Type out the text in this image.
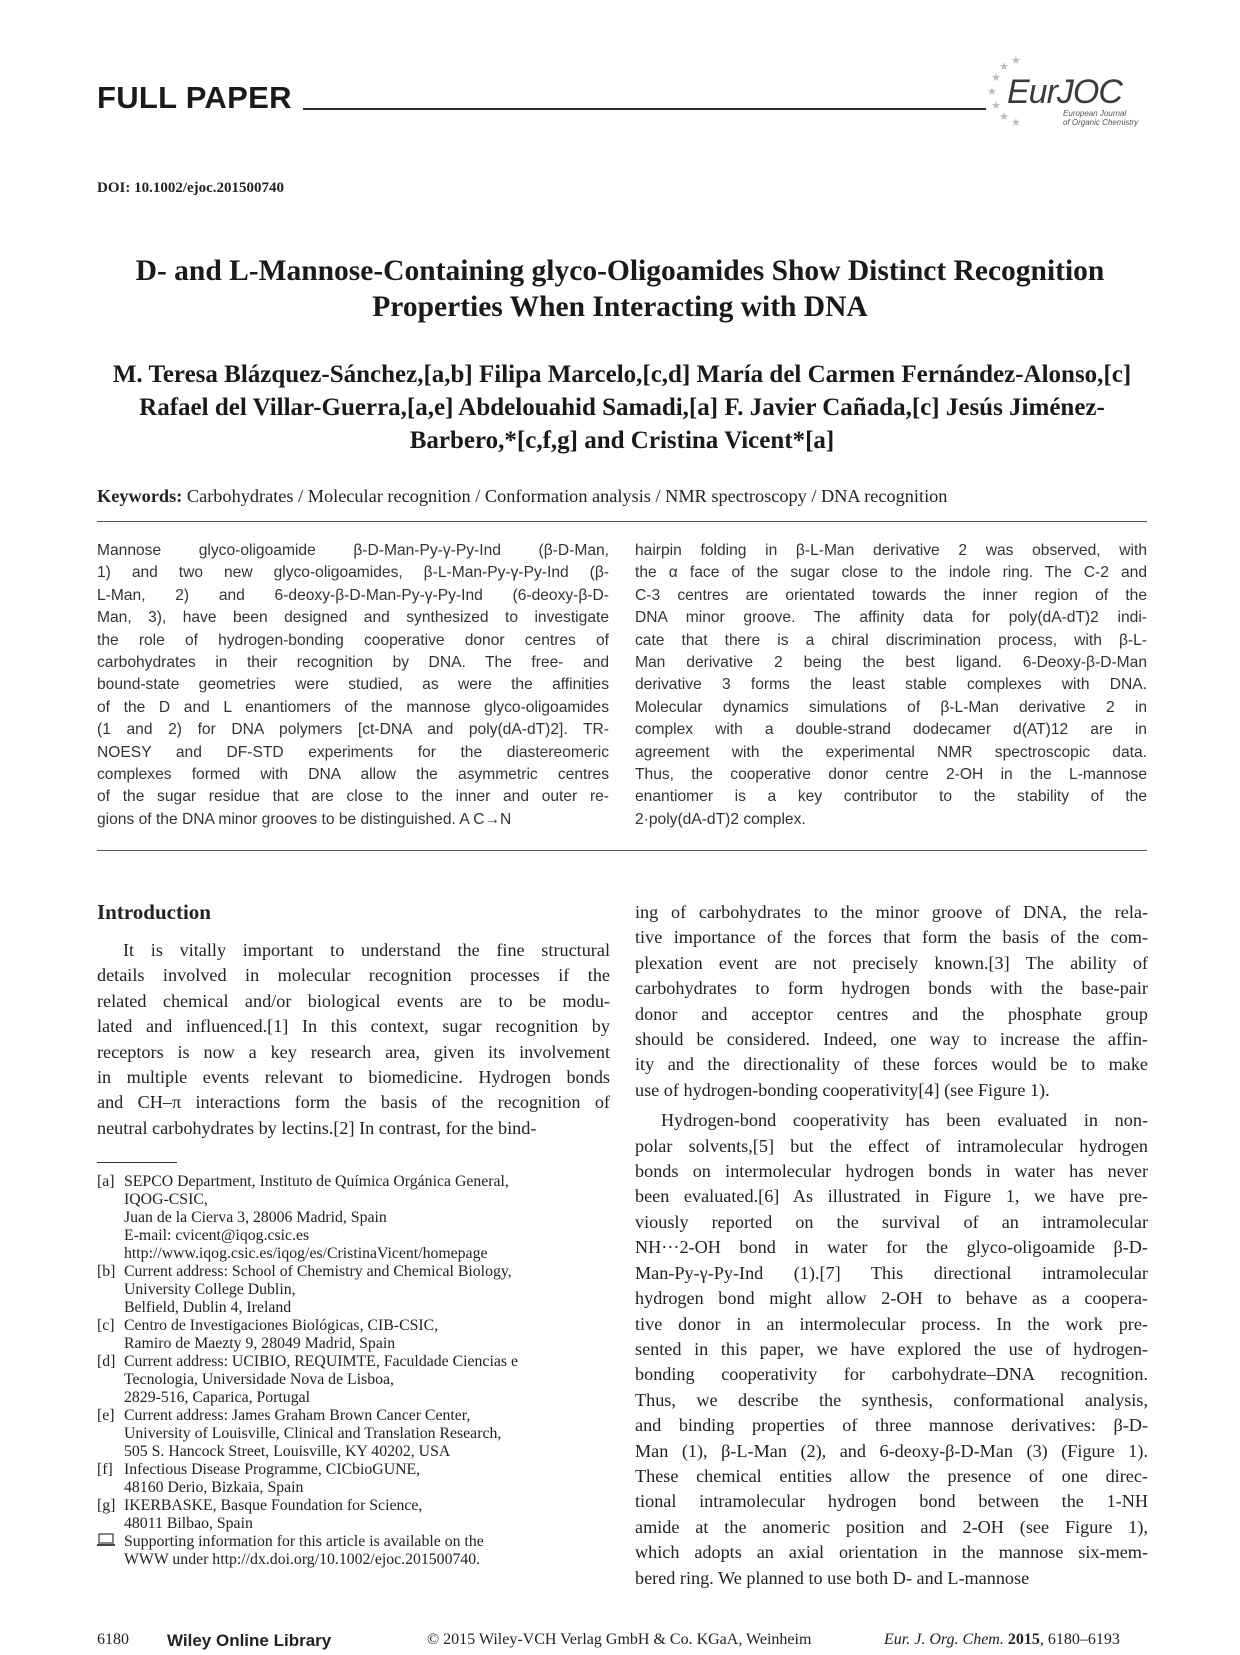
FULL PAPER	★
★
★ ★
★
★ ★
EurJOC
European Journal
of Organic Chemistry
DOI: 10.1002/ejoc.201500740
D- and L-Mannose-Containing glyco-Oligoamides Show Distinct Recognition
Properties When Interacting with DNA
M. Teresa Blázquez-Sánchez,[a,b] Filipa Marcelo,[c,d] María del Carmen Fernández-Alonso,[c]
Rafael del Villar-Guerra,[a,e] Abdelouahid Samadi,[a] F. Javier Cañada,[c] Jesús Jiménez-
Barbero,*[c,f,g] and Cristina Vicent*[a]
Keywords: Carbohydrates / Molecular recognition / Conformation analysis / NMR spectroscopy / DNA recognition
Mannose glyco-oligoamide β-D-Man-Py-γ-Py-Ind (β-D-Man,
1) and two new glyco-oligoamides, β-L-Man-Py-γ-Py-Ind (β-
L-Man, 2) and 6-deoxy-β-D-Man-Py-γ-Py-Ind (6-deoxy-β-D-
Man, 3), have been designed and synthesized to investigate
the role of hydrogen-bonding cooperative donor centres of
carbohydrates in their recognition by DNA. The free- and
bound-state geometries were studied, as were the affinities
of the D and L enantiomers of the mannose glyco-oligoamides
(1 and 2) for DNA polymers [ct-DNA and poly(dA-dT)2]. TR-
NOESY and DF-STD experiments for the diastereomeric
complexes formed with DNA allow the asymmetric centres
of the sugar residue that are close to the inner and outer re-
gions of the DNA minor grooves to be distinguished. A C→N
hairpin folding in β-L-Man derivative 2 was observed, with
the α face of the sugar close to the indole ring. The C-2 and
C-3 centres are orientated towards the inner region of the
DNA minor groove. The affinity data for poly(dA-dT)2 indi-
cate that there is a chiral discrimination process, with β-L-
Man derivative 2 being the best ligand. 6-Deoxy-β-D-Man
derivative 3 forms the least stable complexes with DNA.
Molecular dynamics simulations of β-L-Man derivative 2 in
complex with a double-strand dodecamer d(AT)12 are in
agreement with the experimental NMR spectroscopic data.
Thus, the cooperative donor centre 2-OH in the L-mannose
enantiomer is a key contributor to the stability of the
2·poly(dA-dT)2 complex.
Introduction
It is vitally important to understand the fine structural
details involved in molecular recognition processes if the
related chemical and/or biological events are to be modu-
lated and influenced.[1] In this context, sugar recognition by
receptors is now a key research area, given its involvement
in multiple events relevant to biomedicine. Hydrogen bonds
and CH–π interactions form the basis of the recognition of
neutral carbohydrates by lectins.[2] In contrast, for the bind-
ing of carbohydrates to the minor groove of DNA, the rela-
tive importance of the forces that form the basis of the com-
plexation event are not precisely known.[3] The ability of
carbohydrates to form hydrogen bonds with the base-pair
donor and acceptor centres and the phosphate group
should be considered. Indeed, one way to increase the affin-
ity and the directionality of these forces would be to make
use of hydrogen-bonding cooperativity[4] (see Figure 1).
Hydrogen-bond cooperativity has been evaluated in non-
polar solvents,[5] but the effect of intramolecular hydrogen
bonds on intermolecular hydrogen bonds in water has never
been evaluated.[6] As illustrated in Figure 1, we have pre-
viously reported on the survival of an intramolecular
NH···2-OH bond in water for the glyco-oligoamide β-D-
Man-Py-γ-Py-Ind (1).[7] This directional intramolecular
hydrogen bond might allow 2-OH to behave as a coopera-
tive donor in an intermolecular process. In the work pre-
sented in this paper, we have explored the use of hydrogen-
bonding cooperativity for carbohydrate–DNA recognition.
Thus, we describe the synthesis, conformational analysis,
and binding properties of three mannose derivatives: β-D-
Man (1), β-L-Man (2), and 6-deoxy-β-D-Man (3) (Figure 1).
These chemical entities allow the presence of one direc-
tional intramolecular hydrogen bond between the 1-NH
amide at the anomeric position and 2-OH (see Figure 1),
which adopts an axial orientation in the mannose six-mem-
bered ring. We planned to use both D- and L-mannose
[a] SEPCO Department, Instituto de Química Orgánica General,
IQOG-CSIC,
Juan de la Cierva 3, 28006 Madrid, Spain
E-mail: cvicent@iqog.csic.es
http://www.iqog.csic.es/iqog/es/CristinaVicent/homepage
[b] Current address: School of Chemistry and Chemical Biology,
University College Dublin,
Belfield, Dublin 4, Ireland
[c] Centro de Investigaciones Biológicas, CIB-CSIC,
Ramiro de Maezty 9, 28049 Madrid, Spain
[d] Current address: UCIBIO, REQUIMTE, Faculdade Ciencias e
Tecnologia, Universidade Nova de Lisboa,
2829-516, Caparica, Portugal
[e] Current address: James Graham Brown Cancer Center,
University of Louisville, Clinical and Translation Research,
505 S. Hancock Street, Louisville, KY 40202, USA
[f] Infectious Disease Programme, CICbioGUNE,
48160 Derio, Bizkaia, Spain
[g] IKERBASKE, Basque Foundation for Science,
48011 Bilbao, Spain
Supporting information for this article is available on the
WWW under http://dx.doi.org/10.1002/ejoc.201500740.
6180 Wiley Online Library	© 2015 Wiley-VCH Verlag GmbH & Co. KGaA, Weinheim	Eur. J. Org. Chem. 2015, 6180–6193
